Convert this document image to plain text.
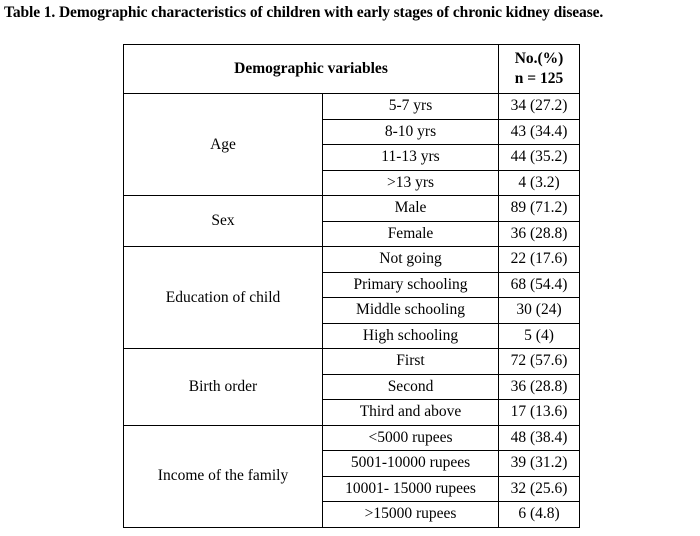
Table 1. Demographic characteristics of children with early stages of chronic kidney disease.
Demographic variables		No.(%)
n = 125

Age	5-7 yrs	34 (27.2)
	8-10 yrs	43 (34.4)
	11-13 yrs	44 (35.2)
	>13 yrs	4 (3.2)
Sex	Male	89 (71.2)
	Female	36 (28.8)
Education of child	Not going	22 (17.6)
	Primary schooling	68 (54.4)
	Middle schooling	30 (24)
	High schooling	5 (4)
Birth order	First	72 (57.6)
	Second	36 (28.8)
	Third and above	17 (13.6)
Income of the family	<5000 rupees	48 (38.4)
	5001-10000 rupees	39 (31.2)
	10001- 15000 rupees	32 (25.6)
	>15000 rupees	6 (4.8)
